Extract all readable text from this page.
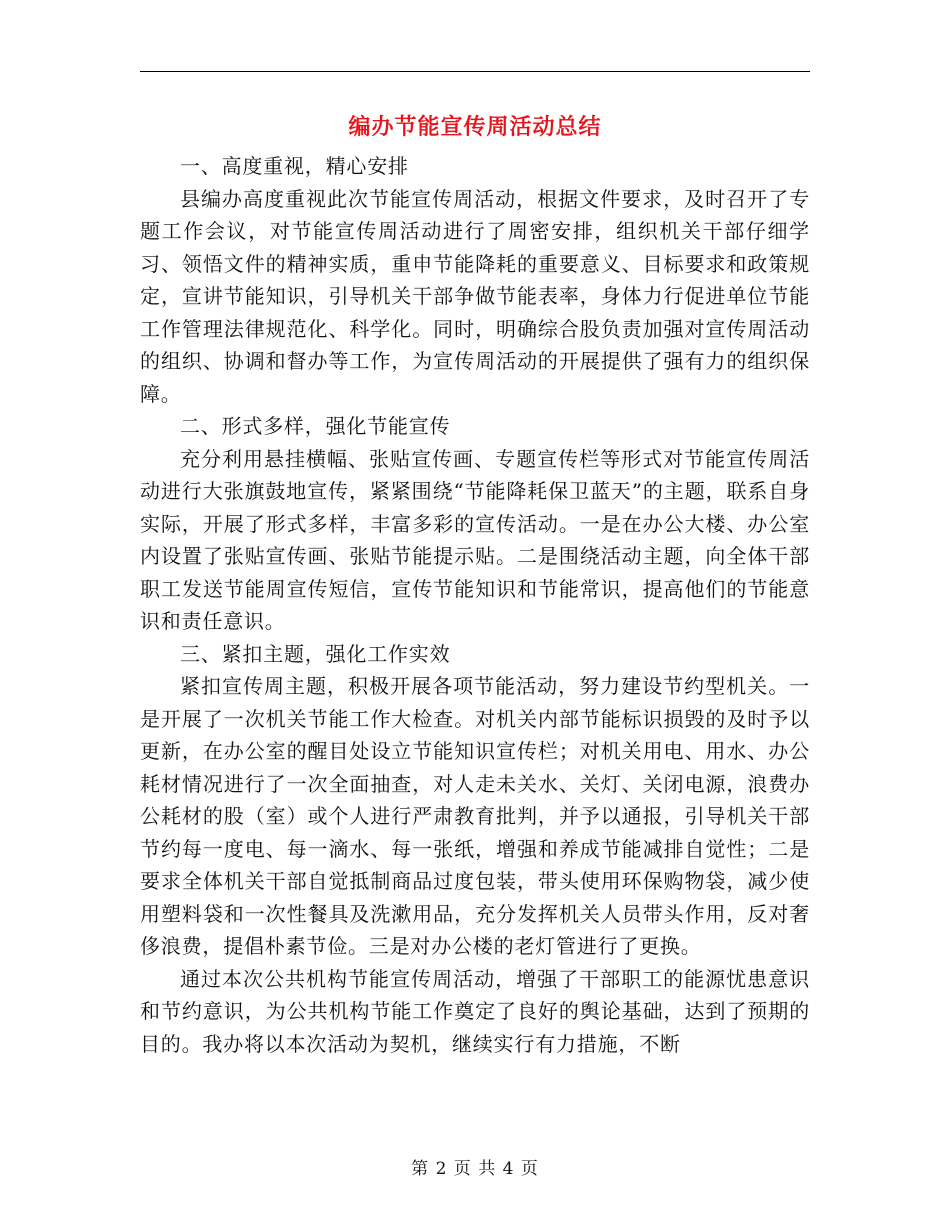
编办节能宣传周活动总结

一、高度重视，精心安排

县编办高度重视此次节能宣传周活动，根据文件要求，及时召开了专题工作会议，对节能宣传周活动进行了周密安排，组织机关干部仔细学习、领悟文件的精神实质，重申节能降耗的重要意义、目标要求和政策规定，宣讲节能知识，引导机关干部争做节能表率，身体力行促进单位节能工作管理法律规范化、科学化。同时，明确综合股负责加强对宣传周活动的组织、协调和督办等工作，为宣传周活动的开展提供了强有力的组织保障。

二、形式多样，强化节能宣传

充分利用悬挂横幅、张贴宣传画、专题宣传栏等形式对节能宣传周活动进行大张旗鼓地宣传，紧紧围绕“节能降耗保卫蓝天”的主题，联系自身实际，开展了形式多样，丰富多彩的宣传活动。一是在办公大楼、办公室内设置了张贴宣传画、张贴节能提示贴。二是围绕活动主题，向全体干部职工发送节能周宣传短信，宣传节能知识和节能常识，提高他们的节能意识和责任意识。

三、紧扣主题，强化工作实效

紧扣宣传周主题，积极开展各项节能活动，努力建设节约型机关。一是开展了一次机关节能工作大检查。对机关内部节能标识损毁的及时予以更新，在办公室的醒目处设立节能知识宣传栏；对机关用电、用水、办公耗材情况进行了一次全面抽查，对人走未关水、关灯、关闭电源，浪费办公耗材的股（室）或个人进行严肃教育批判，并予以通报，引导机关干部节约每一度电、每一滴水、每一张纸，增强和养成节能减排自觉性；二是要求全体机关干部自觉抵制商品过度包装，带头使用环保购物袋，减少使用塑料袋和一次性餐具及洗漱用品，充分发挥机关人员带头作用，反对奢侈浪费，提倡朴素节俭。三是对办公楼的老灯管进行了更换。

通过本次公共机构节能宣传周活动，增强了干部职工的能源忧患意识和节约意识，为公共机构节能工作奠定了良好的舆论基础，达到了预期的目的。我办将以本次活动为契机，继续实行有力措施，不断

第 2 页 共 4 页
